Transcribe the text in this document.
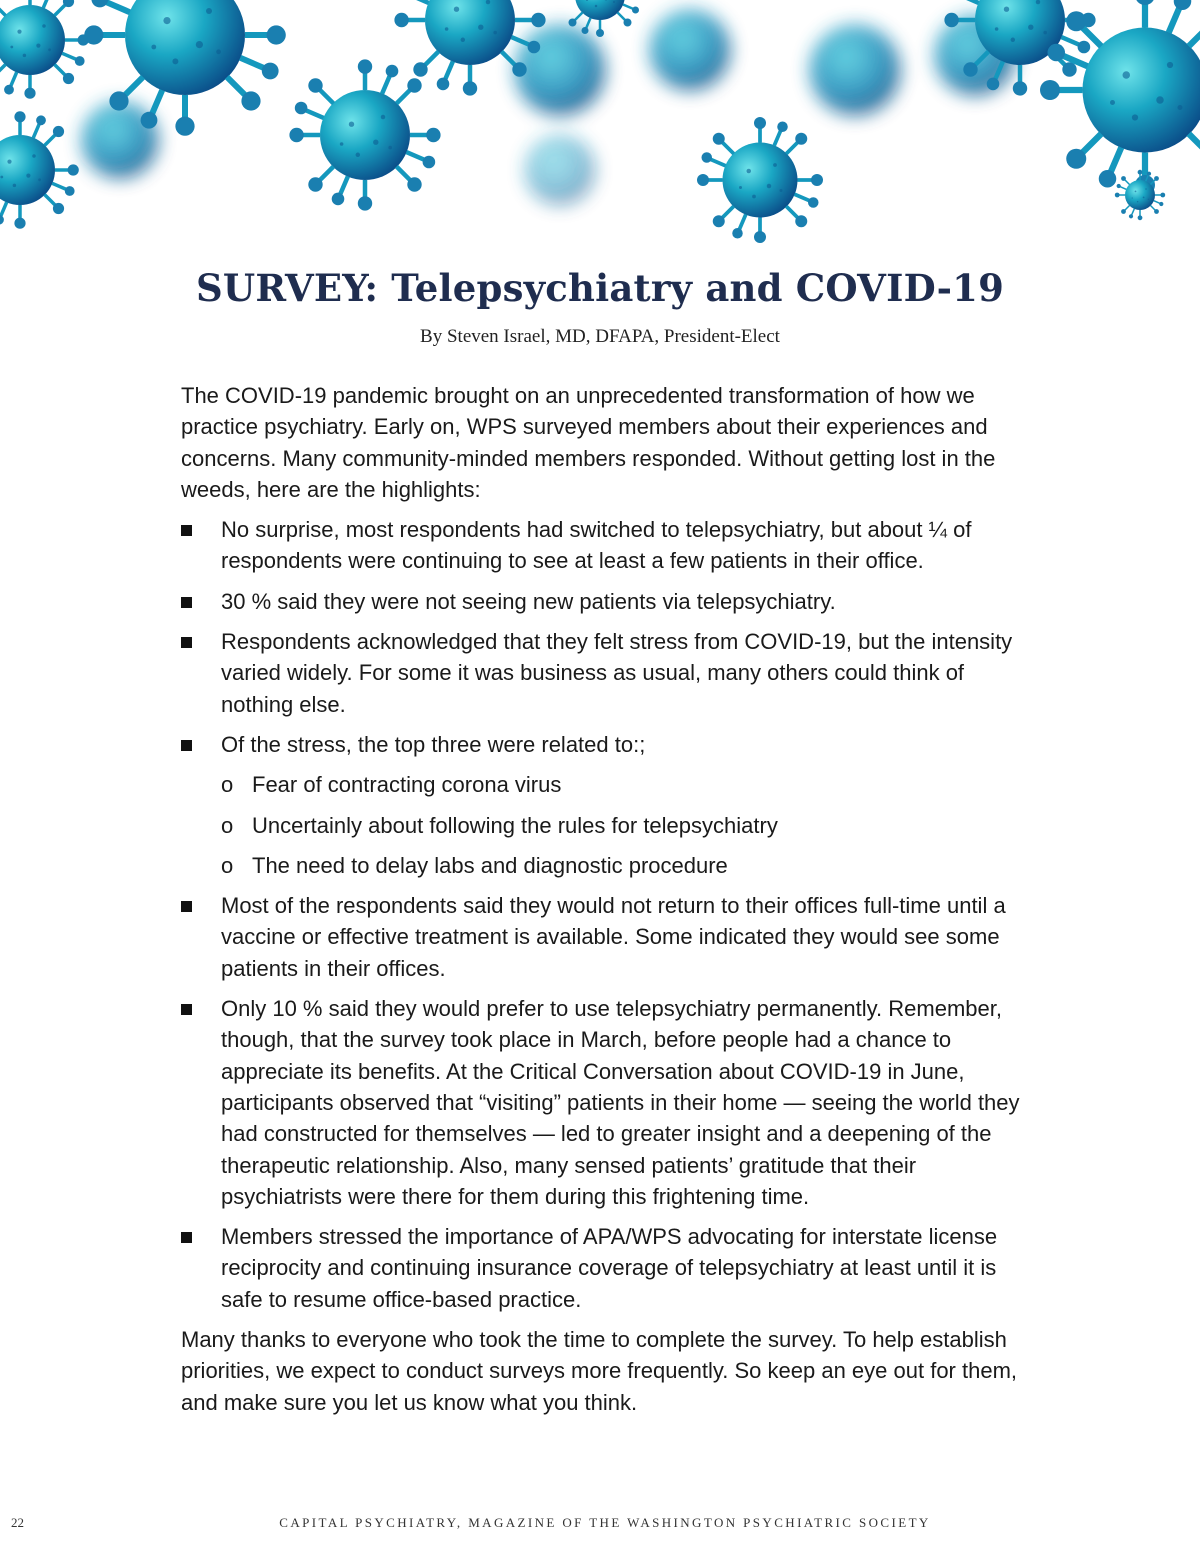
SURVEY: Telepsychiatry and COVID-19

By Steven Israel, MD, DFAPA, President-Elect

The COVID-19 pandemic brought on an unprecedented transformation of how we practice psychiatry. Early on, WPS surveyed members about their experiences and concerns. Many community-minded members responded. Without getting lost in the weeds, here are the highlights:

No surprise, most respondents had switched to telepsychiatry, but about ¼ of respondents were continuing to see at least a few patients in their office.
30 % said they were not seeing new patients via telepsychiatry.
Respondents acknowledged that they felt stress from COVID-19, but the intensity varied widely. For some it was business as usual, many others could think of nothing else.
Of the stress, the top three were related to:;
o Fear of contracting corona virus
o Uncertainly about following the rules for telepsychiatry
o The need to delay labs and diagnostic procedure
Most of the respondents said they would not return to their offices full-time until a vaccine or effective treatment is available. Some indicated they would see some patients in their offices.
Only 10 % said they would prefer to use telepsychiatry permanently. Remember, though, that the survey took place in March, before people had a chance to appreciate its benefits. At the Critical Conversation about COVID-19 in June, participants observed that “visiting” patients in their home — seeing the world they had constructed for themselves — led to greater insight and a deepening of the therapeutic relationship. Also, many sensed patients’ gratitude that their psychiatrists were there for them during this frightening time.
Members stressed the importance of APA/WPS advocating for interstate license reciprocity and continuing insurance coverage of telepsychiatry at least until it is safe to resume office-based practice.

Many thanks to everyone who took the time to complete the survey. To help establish priorities, we expect to conduct surveys more frequently. So keep an eye out for them, and make sure you let us know what you think.

22	CAPITAL PSYCHIATRY, MAGAZINE OF THE WASHINGTON PSYCHIATRIC SOCIETY
